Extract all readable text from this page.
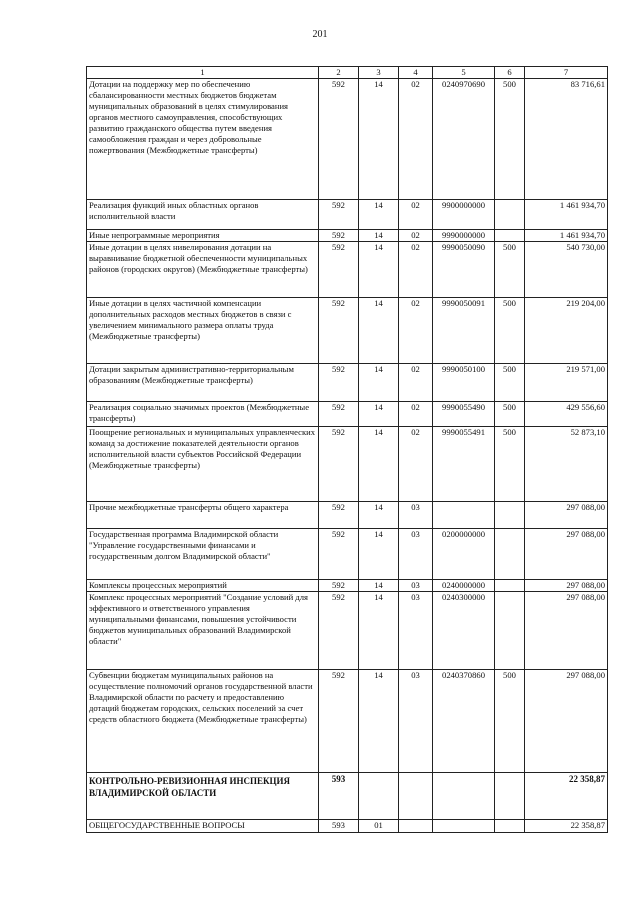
201
1	2	3	4	5	6	7
Дотации на поддержку мер по обеспечению сбалансированности местных бюджетов бюджетам муниципальных образований в целях стимулирования органов местного самоуправления, способствующих развитию гражданского общества путем введения самообложения граждан и через добровольные пожертвования (Межбюджетные трансферты)	592	14	02	0240970690	500	83 716,61
Реализация функций иных областных органов исполнительной власти	592	14	02	9900000000		1 461 934,70
Иные непрограммные мероприятия	592	14	02	9990000000		1 461 934,70
Иные дотации в целях нивелирования дотации на выравнивание бюджетной обеспеченности муниципальных районов (городских округов) (Межбюджетные трансферты)	592	14	02	9990050090	500	540 730,00
Иные дотации в целях частичной компенсации дополнительных расходов местных бюджетов в связи с увеличением минимального размера оплаты труда (Межбюджетные трансферты)	592	14	02	9990050091	500	219 204,00
Дотации закрытым административно-территориальным образованиям (Межбюджетные трансферты)	592	14	02	9990050100	500	219 571,00
Реализация социально значимых проектов (Межбюджетные трансферты)	592	14	02	9990055490	500	429 556,60
Поощрение региональных и муниципальных управленческих команд за достижение показателей деятельности органов исполнительной власти субъектов Российской Федерации (Межбюджетные трансферты)	592	14	02	9990055491	500	52 873,10
Прочие межбюджетные трансферты общего характера	592	14	03			297 088,00
Государственная программа Владимирской области "Управление государственными финансами и государственным долгом Владимирской области"	592	14	03	0200000000		297 088,00
Комплексы процессных мероприятий	592	14	03	0240000000		297 088,00
Комплекс процессных мероприятий "Создание условий для эффективного и ответственного управления муниципальными финансами, повышения устойчивости бюджетов муниципальных образований Владимирской области"	592	14	03	0240300000		297 088,00
Субвенции бюджетам муниципальных районов на осуществление полномочий органов государственной власти Владимирской области по расчету и предоставлению дотаций бюджетам городских, сельских поселений за счет средств областного бюджета (Межбюджетные трансферты)	592	14	03	0240370860	500	297 088,00
КОНТРОЛЬНО-РЕВИЗИОННАЯ ИНСПЕКЦИЯ ВЛАДИМИРСКОЙ ОБЛАСТИ	593					22 358,87
ОБЩЕГОСУДАРСТВЕННЫЕ ВОПРОСЫ	593	01				22 358,87
